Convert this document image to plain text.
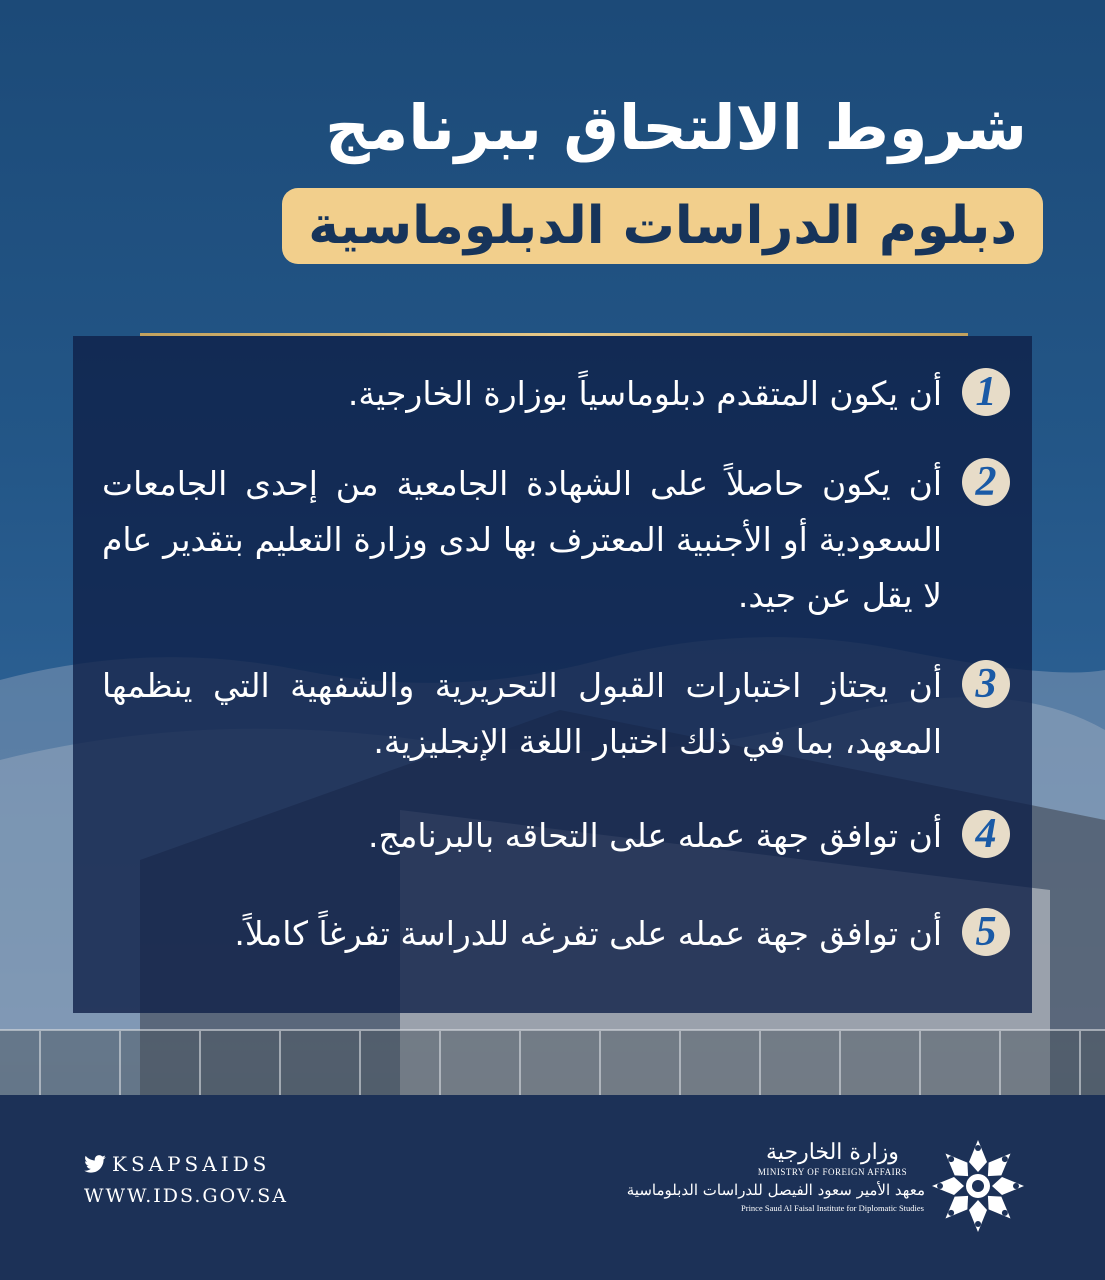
شروط الالتحاق ببرنامج
دبلوم الدراسات الدبلوماسية
1

أن يكون المتقدم دبلوماسياً بوزارة الخارجية.

2

أن يكون حاصلاً على الشهادة الجامعية من إحدى الجامعات السعودية أو الأجنبية المعترف بها لدى وزارة التعليم بتقدير عام لا يقل عن جيد.

3

أن يجتاز اختبارات القبول التحريرية والشفهية التي ينظمها المعهد، بما في ذلك اختبار اللغة الإنجليزية.

4

أن توافق جهة عمله على التحاقه بالبرنامج.

5

أن توافق جهة عمله على تفرغه للدراسة تفرغاً كاملاً.

KSAPSAIDS
WWW.IDS.GOV.SA
وزارة الخارجية
MINISTRY OF FOREIGN AFFAIRS
معهد الأمير سعود الفيصل للدراسات الدبلوماسية
Prince Saud Al Faisal Institute for Diplomatic Studies
